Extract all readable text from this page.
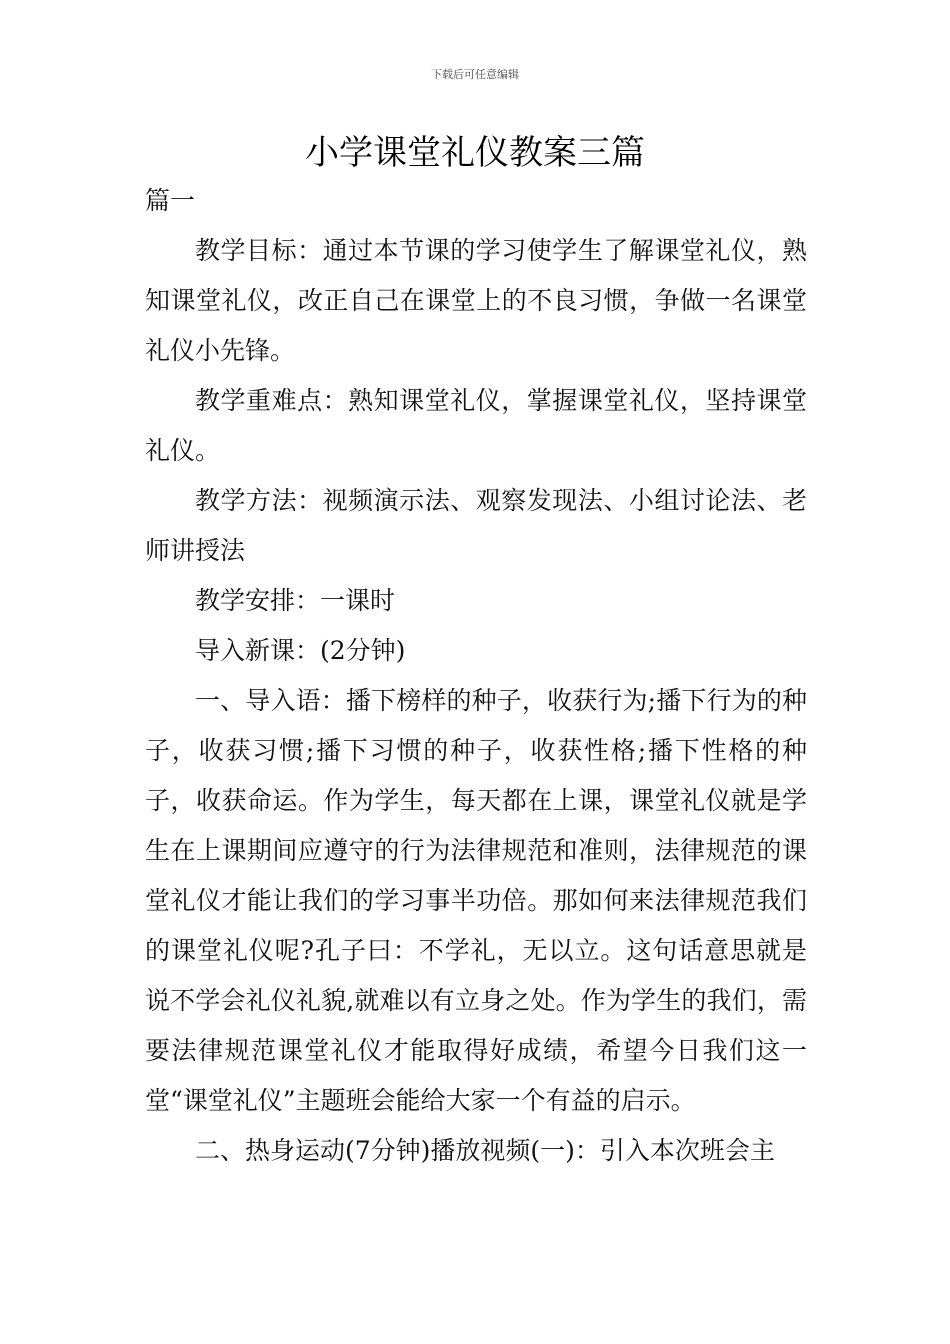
下载后可任意编辑
小学课堂礼仪教案三篇

篇一

教学目标：通过本节课的学习使学生了解课堂礼仪，熟知课堂礼仪，改正自己在课堂上的不良习惯，争做一名课堂礼仪小先锋。

教学重难点：熟知课堂礼仪，掌握课堂礼仪，坚持课堂礼仪。

教学方法：视频演示法、观察发现法、小组讨论法、老师讲授法

教学安排：一课时

导入新课：(2分钟)

一、导入语：播下榜样的种子，收获行为;播下行为的种子，收获习惯;播下习惯的种子，收获性格;播下性格的种子，收获命运。作为学生，每天都在上课，课堂礼仪就是学生在上课期间应遵守的行为法律规范和准则，法律规范的课堂礼仪才能让我们的学习事半功倍。那如何来法律规范我们的课堂礼仪呢?孔子曰：不学礼，无以立。这句话意思就是说不学会礼仪礼貌,就难以有立身之处。作为学生的我们，需要法律规范课堂礼仪才能取得好成绩，希望今日我们这一堂“课堂礼仪”主题班会能给大家一个有益的启示。

二、热身运动(7分钟)播放视频(一)：引入本次班会主
